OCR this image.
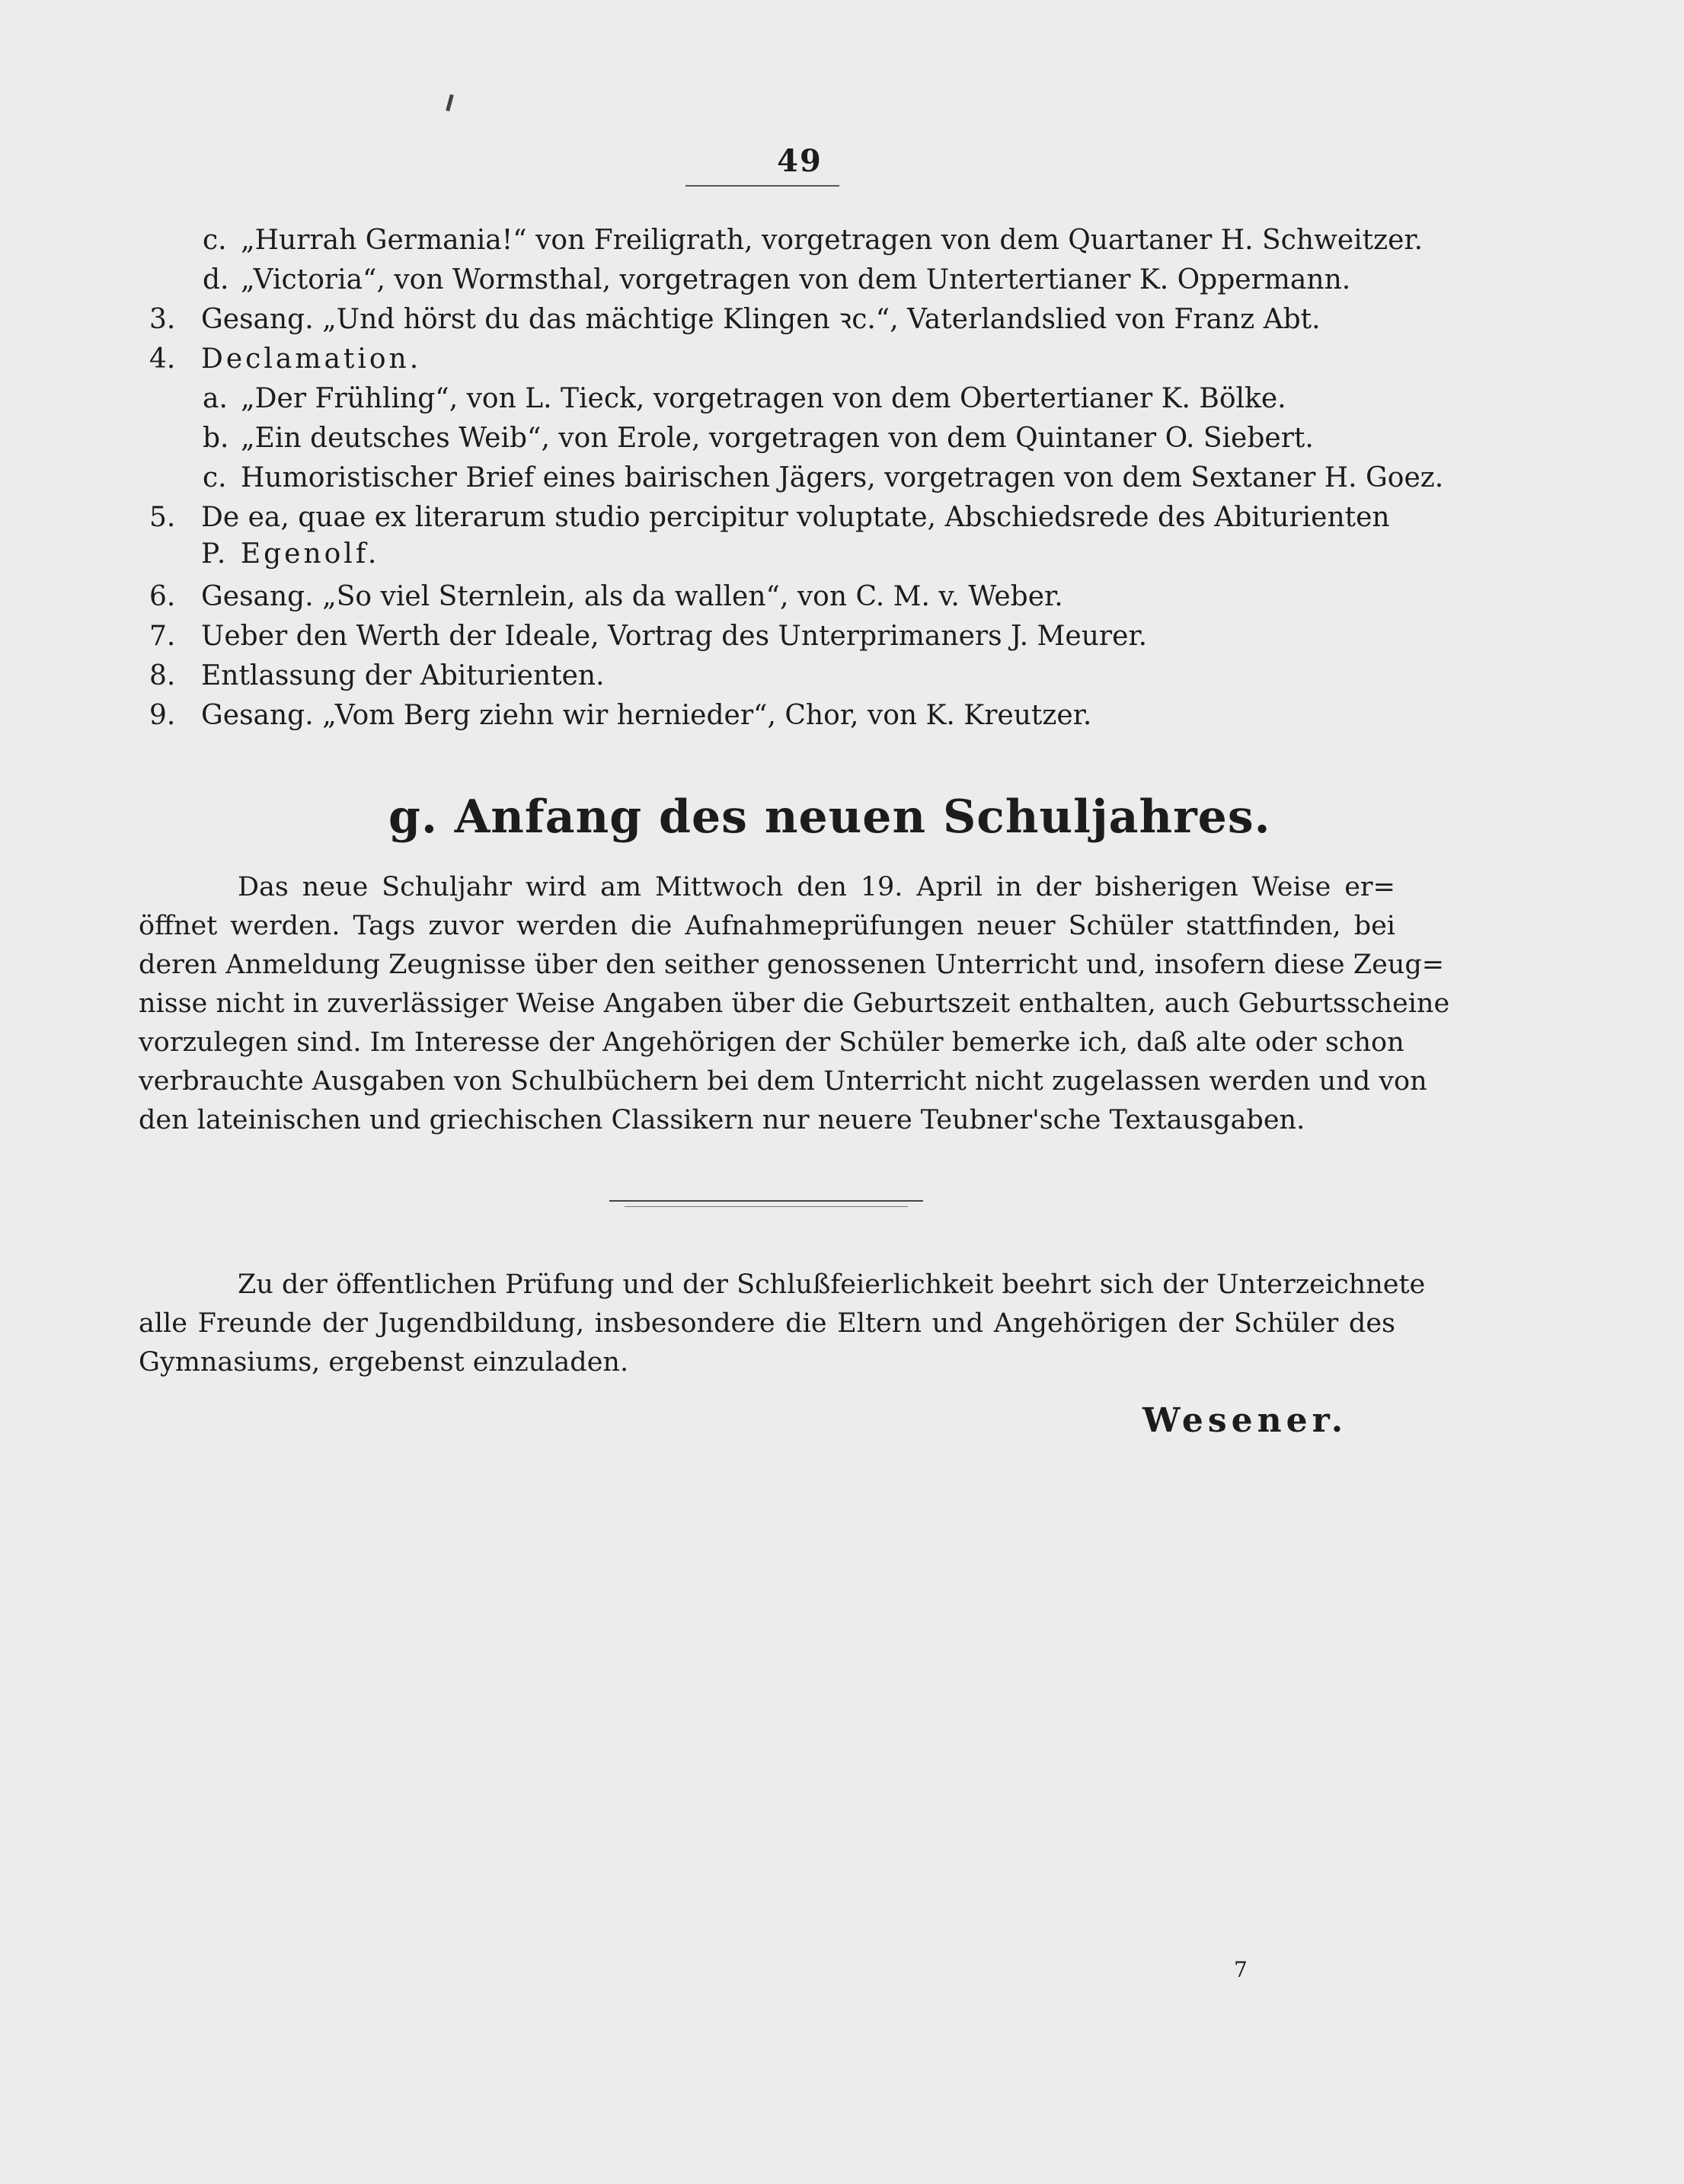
49
c. „Hurrah Germania!“ von Freiligrath, vorgetragen von dem Quartaner H. Schweitzer.
d. „Victoria“, von Wormsthal, vorgetragen von dem Untertertianer K. Oppermann.
3. Gesang. „Und hörst du das mächtige Klingen ꝛc.“, Vaterlandslied von Franz Abt.
4. Declamation.
a. „Der Frühling“, von L. Tieck, vorgetragen von dem Obertertianer K. Bölke.
b. „Ein deutsches Weib“, von Erole, vorgetragen von dem Quintaner O. Siebert.
c. Humoristischer Brief eines bairischen Jägers, vorgetragen von dem Sextaner H. Goez.
5. De ea, quae ex literarum studio percipitur voluptate, Abschiedsrede des Abiturienten
P. Egenolf.
6. Gesang. „So viel Sternlein, als da wallen“, von C. M. v. Weber.
7. Ueber den Werth der Ideale, Vortrag des Unterprimaners J. Meurer.
8. Entlassung der Abiturienten.
9. Gesang. „Vom Berg ziehn wir hernieder“, Chor, von K. Kreutzer.
g. Anfang des neuen Schuljahres.
Das neue Schuljahr wird am Mittwoch den 19. April in der bisherigen Weise er=
öffnet werden. Tags zuvor werden die Aufnahmeprüfungen neuer Schüler stattfinden, bei
deren Anmeldung Zeugnisse über den seither genossenen Unterricht und, insofern diese Zeug=
nisse nicht in zuverlässiger Weise Angaben über die Geburtszeit enthalten, auch Geburtsscheine
vorzulegen sind. Im Interesse der Angehörigen der Schüler bemerke ich, daß alte oder schon
verbrauchte Ausgaben von Schulbüchern bei dem Unterricht nicht zugelassen werden und von
den lateinischen und griechischen Classikern nur neuere Teubner'sche Textausgaben.
Zu der öffentlichen Prüfung und der Schlußfeierlichkeit beehrt sich der Unterzeichnete
alle Freunde der Jugendbildung, insbesondere die Eltern und Angehörigen der Schüler des
Gymnasiums, ergebenst einzuladen.
Wesener.
7
